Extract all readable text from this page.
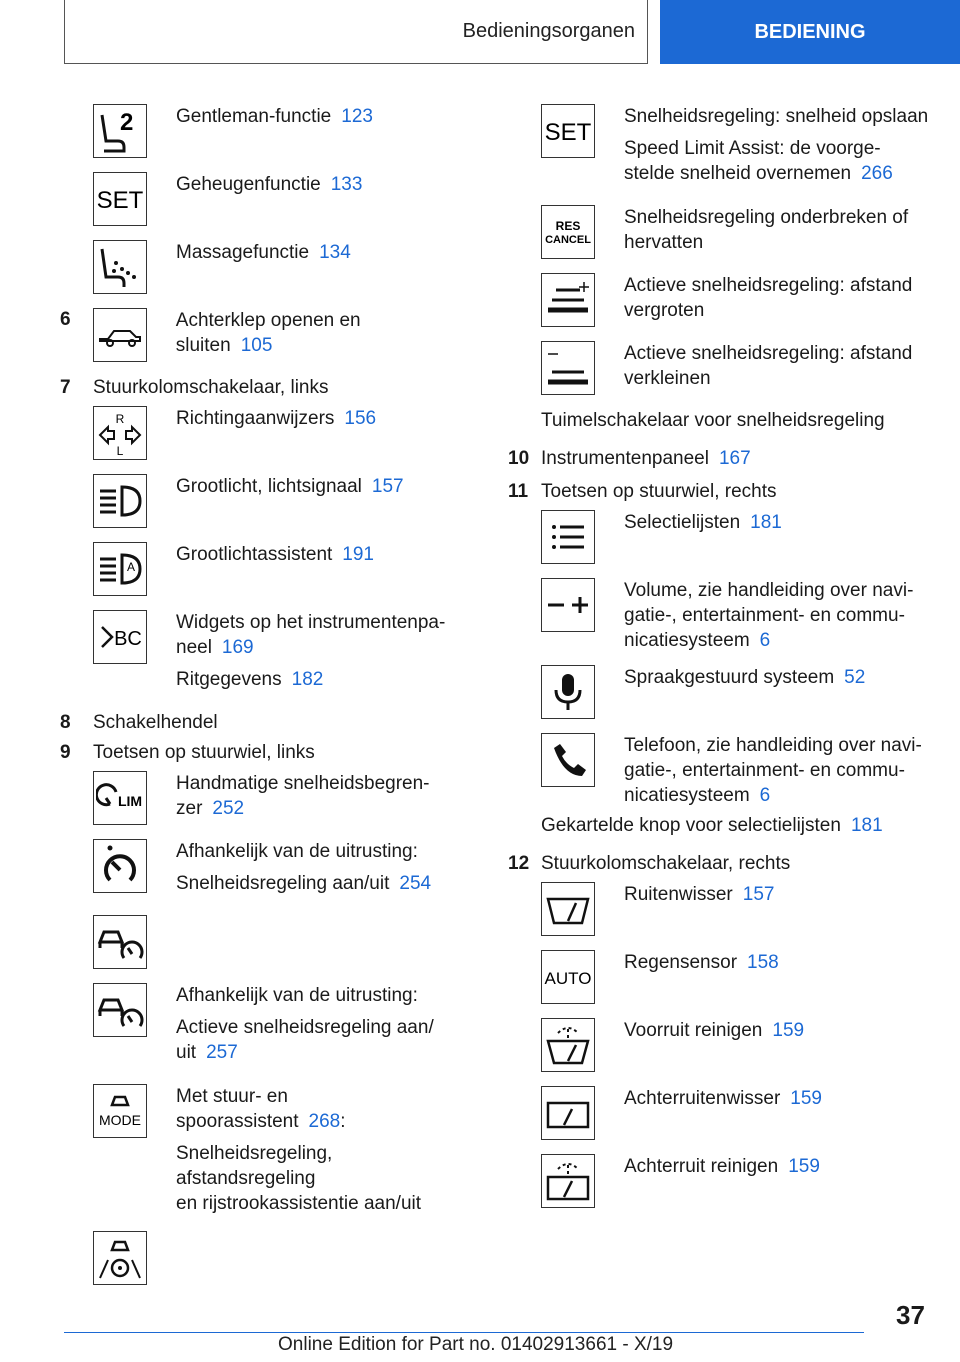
Bedieningsorganen	BEDIENING
2 Gentleman-functie 123
SET
Geheugenfunctie 133
Massagefunctie 134
6	Achterklep openen en sluiten 105
7	Stuurkolomschakelaar, links
R
L
Richtingaanwijzers 156
Grootlicht, lichtsignaal 157
A
Grootlichtassistent 191
BC

Widgets op het instrumentenpa-
neel 169

Ritgegevens 182

8	Schakelhendel
9	Toetsen op stuurwiel, links
LIM
Handmatige snelheidsbegren-
zer 252

Afhankelijk van de uitrusting:

Snelheidsregeling aan/uit 254

Afhankelijk van de uitrusting:

Actieve snelheidsregeling aan/
uit 257

MODE

Met stuur- en spoorassistent 268:

Snelheidsregeling, afstandsregeling
en rijstrookassistentie aan/uit

SET

Snelheidsregeling: snelheid opslaan

Speed Limit Assist: de voorge-
stelde snelheid overnemen 266

RES
CANCEL
Snelheidsregeling onderbreken of
hervatten
Actieve snelheidsregeling: afstand
vergroten
Actieve snelheidsregeling: afstand
verkleinen
Tuimelschakelaar voor snelheidsregeling
10 Instrumentenpaneel 167
11 Toetsen op stuurwiel, rechts
Selectielijsten 181
Volume, zie handleiding over navi-
gatie-, entertainment- en commu-
nicatiesysteem 6
Spraakgestuurd systeem 52
Telefoon, zie handleiding over navi-
gatie-, entertainment- en commu-
nicatiesysteem 6
Gekartelde knop voor selectielijsten 181
12 Stuurkolomschakelaar, rechts
Ruitenwisser 157
AUTO
Regensensor 158
Voorruit reinigen 159
Achterruitenwisser 159
Achterruit reinigen 159
37
Online Edition for Part no. 01402913661 - X/19
